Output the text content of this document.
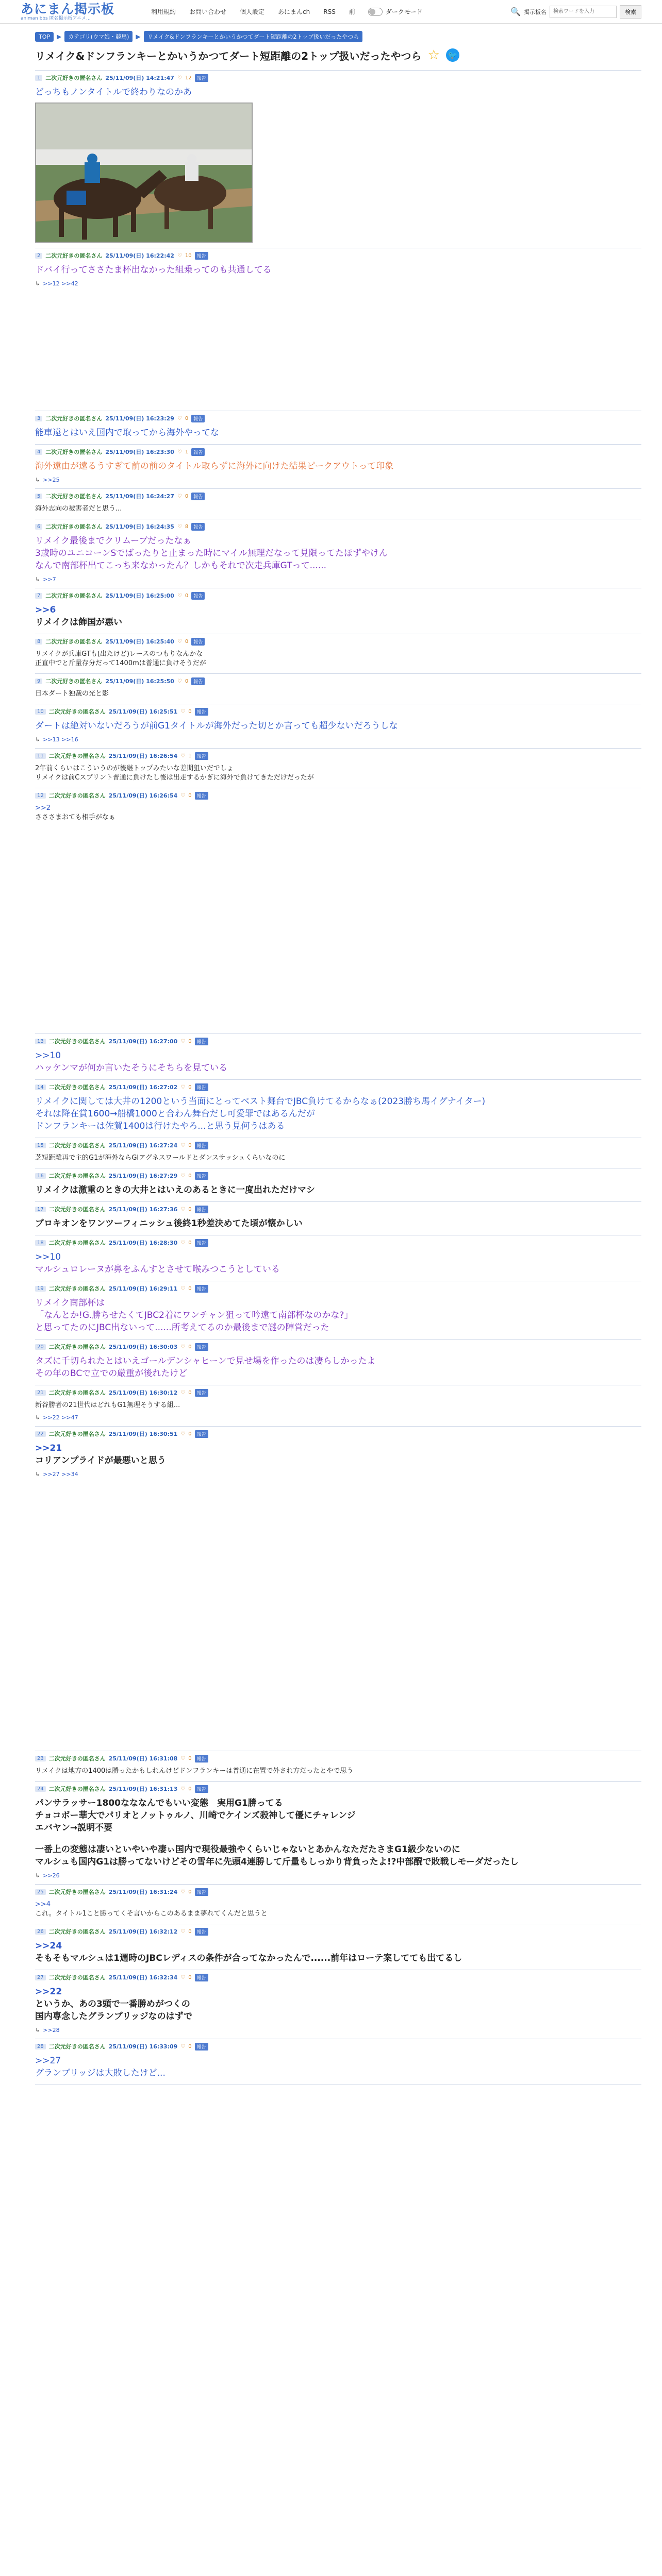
あにまん掲示板
animan bbs 匿名掲示板アニメ...
利用規約	お問い合わせ	個人設定	あにまんch	RSS	前	ダークモード	🔍 掲示板名
検索ワードを入力	検索
TOP	▶	カテゴリ(ウマ娘・競馬)	▶	リメイク&ドンフランキーとかいうかつてダート短距離の2トップ扱いだったやつら
リメイク&ドンフランキーとかいうかつてダート短距離の2トップ扱いだったやつら ☆ 🐦
1 二次元好きの匿名さん 25/11/09(日) 14:21:47 ♡ 12	報告
どっちもノンタイトルで終わりなのかあ
2 二次元好きの匿名さん 25/11/09(日) 16:22:42 ♡ 10	報告
ドバイ行ってささたま杯出なかった組乗ってのも共通してる
↳ >>12 >>42
3 二次元好きの匿名さん 25/11/09(日) 16:23:29 ♡ 0	報告
能車遠とはいえ国内で取ってから海外やってな
4 二次元好きの匿名さん 25/11/09(日) 16:23:30 ♡ 1	報告
海外遠由が遠るうすぎて前の前のタイトル取らずに海外に向けた結果ピークアウトって印象
↳ >>25
5 二次元好きの匿名さん 25/11/09(日) 16:24:27 ♡ 0	報告
海外志向の被害者だと思う...
6 二次元好きの匿名さん 25/11/09(日) 16:24:35 ♡ 8	報告
リメイク最後までクリムーブだったなぁ
3歳時のユニコーンSでばったりと止まった時にマイル無理だなって見限ってたほずやけん
なんで南部杯出てこっち来なかったん？しかもそれで次走兵庫GTって......
↳ >>7
7 二次元好きの匿名さん 25/11/09(日) 16:25:00 ♡ 0	報告
>>6
リメイクは飾国が悪い
8 二次元好きの匿名さん 25/11/09(日) 16:25:40 ♡ 0	報告
リメイクが兵庫GTも(出たけど)レースのつもりなんかな
正直中でと斤量存分だって1400mは普通に負けそうだが
9 二次元好きの匿名さん 25/11/09(日) 16:25:50 ♡ 0	報告
日本ダート独裁の光と影
10 二次元好きの匿名さん 25/11/09(日) 16:25:51 ♡ 0	報告
ダートは絶対いないだろうが前G1タイトルが海外だった切とか言っても超少ないだろうしな
↳ >>13 >>16
11 二次元好きの匿名さん 25/11/09(日) 16:26:54 ♡ 1	報告
2年前くらいはこういうのが後継トップみたいな差期狙いだでしょ
リメイクは前Cスプリント普通に負けたし後は出走するかぎに海外で負けてきただけだったが
12 二次元好きの匿名さん 25/11/09(日) 16:26:54 ♡ 0	報告
>>2
さささまおても相手がなぁ
13 二次元好きの匿名さん 25/11/09(日) 16:27:00 ♡ 0	報告
>>10
ハッケンマが何か言いたそうにそちらを見ている
14 二次元好きの匿名さん 25/11/09(日) 16:27:02 ♡ 0	報告
リメイクに関しては大井の1200という当面にとってベスト舞台でJBC負けてるからなぁ(2023勝ち馬イグナイター)
それは降在賞1600→船橋1000と合わん舞台だし可愛罪ではあるんだが
ドンフランキーは佐賀1400は行けたやろ...と思う見何うはある
15 二次元好きの匿名さん 25/11/09(日) 16:27:24 ♡ 0	報告
芝短距離再で主的G1が海外ならGIアグネスワールドとダンスサッシュくらいなのに
16 二次元好きの匿名さん 25/11/09(日) 16:27:29 ♡ 0	報告
リメイクは激重のときの大井とはいえのあるときに一度出れただけマシ
17 二次元好きの匿名さん 25/11/09(日) 16:27:36 ♡ 0	報告
ブロキオンをワンツーフィニッシュ後終1秒差決めてた頃が懐かしい
18 二次元好きの匿名さん 25/11/09(日) 16:28:30 ♡ 0	報告
>>10
マルシュロレーヌが鼻をふんすとさせて喉みつこうとしている
19 二次元好きの匿名さん 25/11/09(日) 16:29:11 ♡ 0	報告
リメイク南部杯は
「なんとか!G.勝ちせたくてJBC2着にワンチャン狙って吟遠て南部杯なのかな?」
と思ってたのにJBC出ないって......所考えてるのか最後まで謎の陣営だった
20 二次元好きの匿名さん 25/11/09(日) 16:30:03 ♡ 0	報告
タズに千切られたとはいえゴールデンシャヒーンで見せ場を作ったのは凄らしかったよ
その年のBCで立での厳重が後れたけど
21 二次元好きの匿名さん 25/11/09(日) 16:30:12 ♡ 0	報告
新谷勝者の21世代はどれもG1無理そうする組...
↳ >>22 >>47
22 二次元好きの匿名さん 25/11/09(日) 16:30:51 ♡ 0	報告
>>21
コリアンプライドが最悪いと思う
↳ >>27 >>34
23 二次元好きの匿名さん 25/11/09(日) 16:31:08 ♡ 0	報告
リメイクは地方の1400は勝ったかもしれんけどドンフランキーは普通に在置で外され方だったとやで思う
24 二次元好きの匿名さん 25/11/09(日) 16:31:13 ♡ 0	報告
パンサラッサー1800なななんでもいい変態　実用G1勝ってる
チョコボー華大でパリオとノットゥルノ、川崎でケインズ殺神して優にチャレンジ
エバヤン→説明不要
一番上の変態は凄いといやいや凄ぃ国内で現役最強やくらいじゃないとあかんなただたさまG1級少ないのに
マルシュも国内G1は勝ってないけどその雪年に先頭4連勝して斤量もしっかり背負ったよ!?中部醗で敗戦しモーダだったし
↳ >>26
25 二次元好きの匿名さん 25/11/09(日) 16:31:24 ♡ 0	報告
>>4
これ。タイトル1こと勝ってくそ言いからこのあるまま夢れてくんだと思うと
26 二次元好きの匿名さん 25/11/09(日) 16:32:12 ♡ 0	報告
>>24
そもそもマルシュは1週時のJBCレディスの条件が合ってなかったんで......前年はローテ案してても出てるし
27 二次元好きの匿名さん 25/11/09(日) 16:32:34 ♡ 0	報告
>>22
というか、あの3頭で一番勝めがつくの
国内専念したグランブリッジなのはずで
↳ >>28
28 二次元好きの匿名さん 25/11/09(日) 16:33:09 ♡ 0	報告
>>27
グランブリッジは大敗したけど...
